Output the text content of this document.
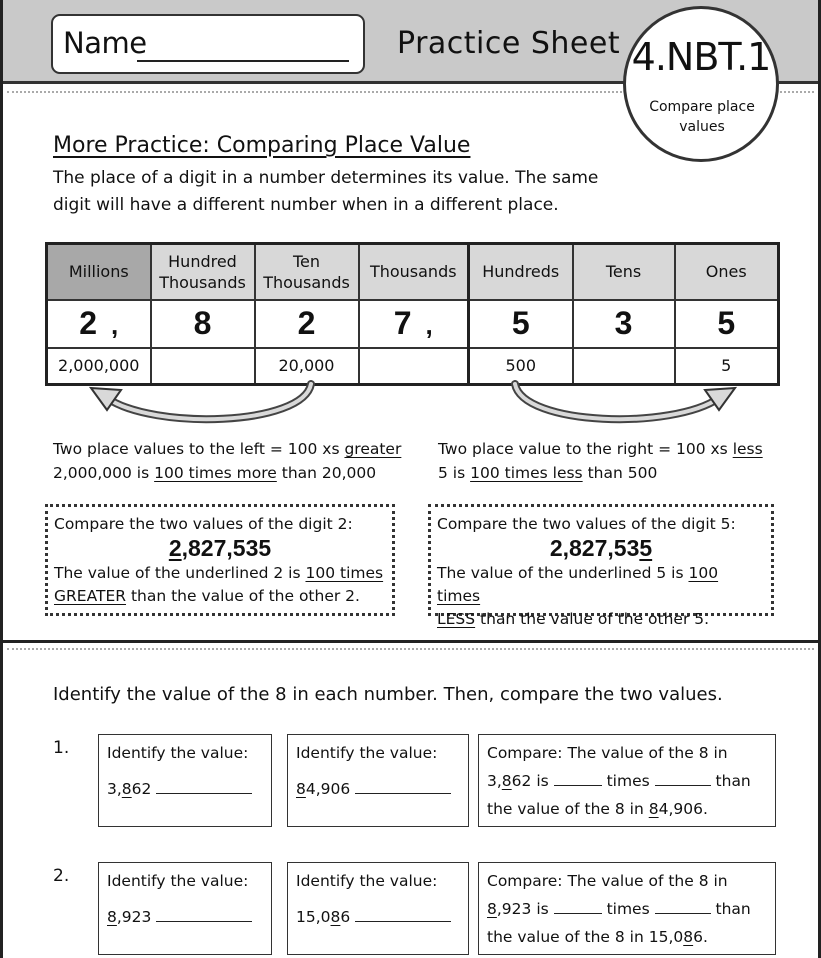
Name	Practice Sheet 4.NBT.1
Compare place values
More Practice: Comparing Place Value
The place of a digit in a number determines its value. The same digit will have a different number when in a different place.
Millions	Hundred Thousands	Ten Thousands	Thousands	Hundreds	Tens	Ones
2 ,	8	2	7 ,	5	3	5
2,000,000		20,000		500		5
Two place values to the left = 100 xs greater
2,000,000 is 100 times more than 20,000
Two place value to the right = 100 xs less
5 is 100 times less than 500
Compare the two values of the digit 2:
2,827,535
The value of the underlined 2 is 100 times
GREATER than the value of the other 2.
Compare the two values of the digit 5:
2,827,535
The value of the underlined 5 is 100 times
LESS than the value of the other 5.
Identify the value of the 8 in each number. Then, compare the two values.
1. Identify the value:
3,862
Identify the value:
84,906
Compare: The value of the 8 in
3,862 is	times	than
the value of the 8 in 84,906.
2. Identify the value:
8,923
Identify the value:
15,086
Compare: The value of the 8 in
8,923 is	times	than
the value of the 8 in 15,086.
